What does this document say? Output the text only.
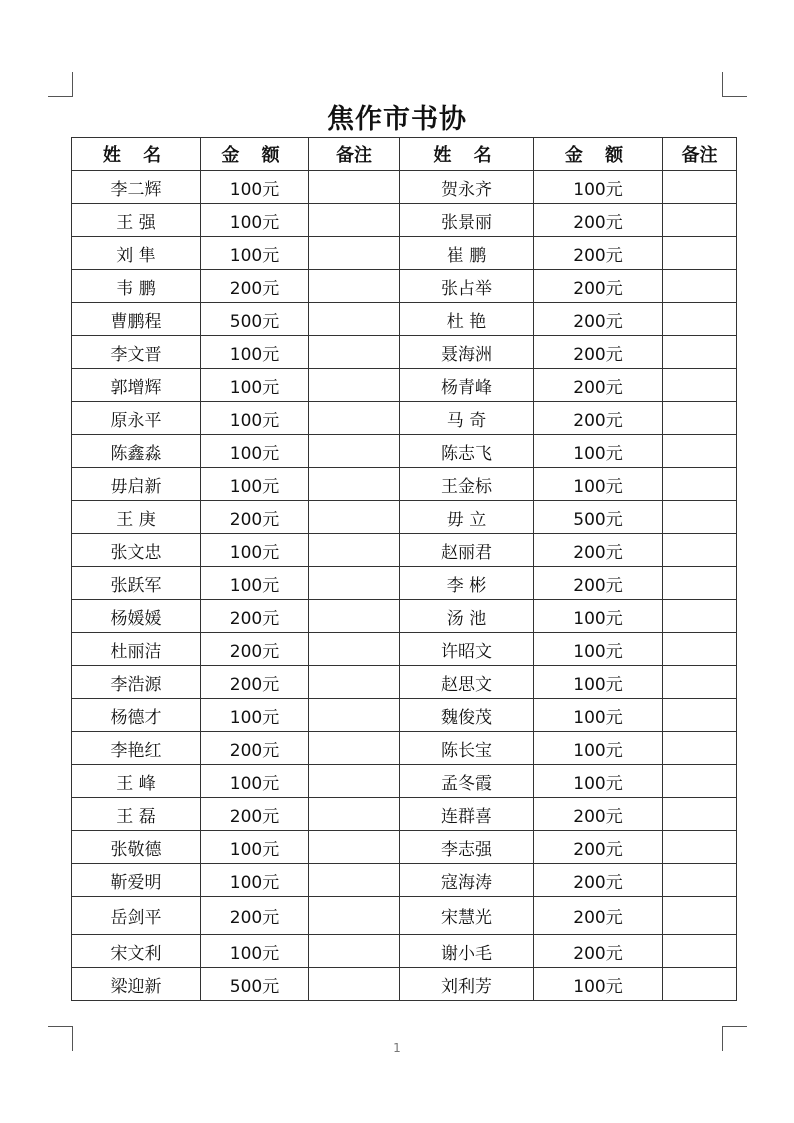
焦作市书协
姓 名	金 额	备注	姓 名	金 额	备注
李二辉	100元		贺永齐	100元	
王 强	100元		张景丽	200元	
刘 隼	100元		崔 鹏	200元	
韦 鹏	200元		张占举	200元	
曹鹏程	500元		杜 艳	200元	
李文晋	100元		聂海洲	200元	
郭增辉	100元		杨青峰	200元	
原永平	100元		马 奇	200元	
陈鑫淼	100元		陈志飞	100元	
毋启新	100元		王金标	100元	
王 庚	200元		毋 立	500元	
张文忠	100元		赵丽君	200元	
张跃军	100元		李 彬	200元	
杨媛媛	200元		汤 池	100元	
杜丽洁	200元		许昭文	100元	
李浩源	200元		赵思文	100元	
杨德才	100元		魏俊茂	100元	
李艳红	200元		陈长宝	100元	
王 峰	100元		孟冬霞	100元	
王 磊	200元		连群喜	200元	
张敬德	100元		李志强	200元	
靳爱明	100元		寇海涛	200元	
岳剑平	200元		宋慧光	200元	
宋文利	100元		谢小毛	200元	
梁迎新	500元		刘利芳	100元	
1
